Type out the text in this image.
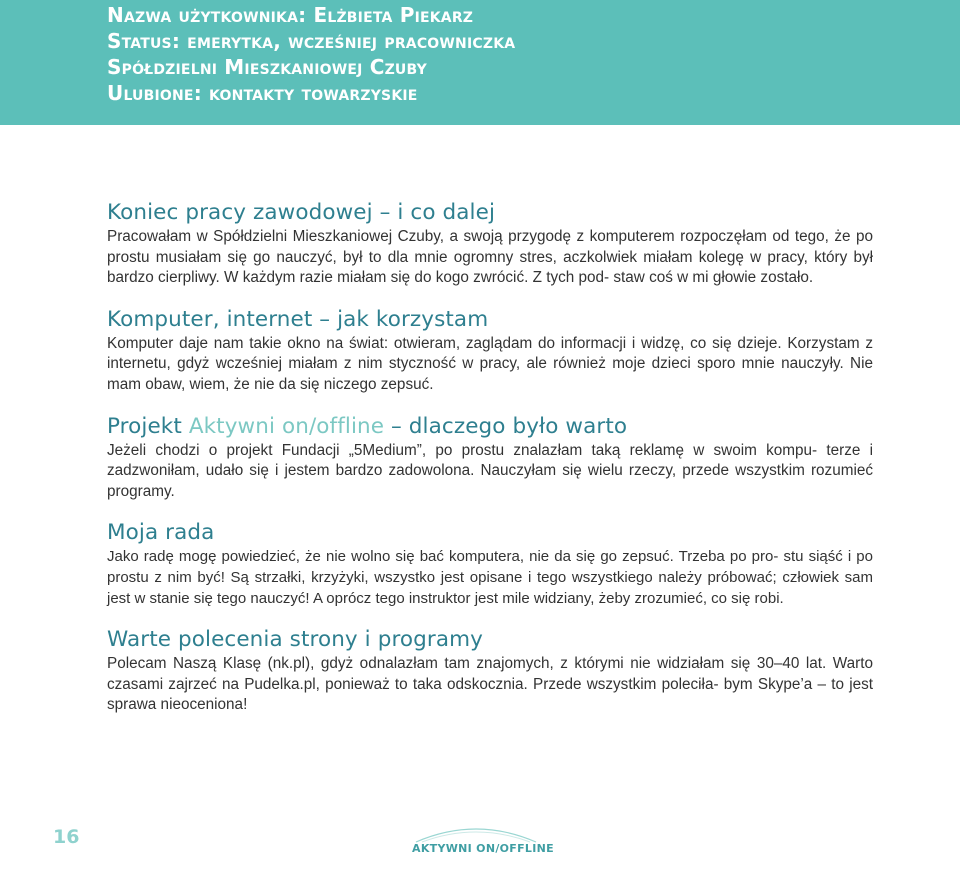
Nazwa użytkownika: Elżbieta Piekarz

Status: emerytka, wcześniej pracowniczka

Spółdzielni Mieszkaniowej Czuby

Ulubione: kontakty towarzyskie

Koniec pracy zawodowej – i co dalej

Pracowałam w Spółdzielni Mieszkaniowej Czuby, a swoją przygodę z komputerem rozpoczęłam od tego, że po prostu musiałam się go nauczyć, był to dla mnie ogromny stres, aczkolwiek miałam kolegę w pracy, który był bardzo cierpliwy. W każdym razie miałam się do kogo zwrócić. Z tych pod- staw coś w mi głowie zostało.

Komputer, internet – jak korzystam

Komputer daje nam takie okno na świat: otwieram, zaglądam do informacji i widzę, co się dzieje. Korzystam z internetu, gdyż wcześniej miałam z nim styczność w pracy, ale również moje dzieci sporo mnie nauczyły. Nie mam obaw, wiem, że nie da się niczego zepsuć.

Projekt Aktywni on/offline – dlaczego było warto

Jeżeli chodzi o projekt Fundacji „5Medium”, po prostu znalazłam taką reklamę w swoim kompu- terze i zadzwoniłam, udało się i jestem bardzo zadowolona. Nauczyłam się wielu rzeczy, przede wszystkim rozumieć programy.

Moja rada

Jako radę mogę powiedzieć, że nie wolno się bać komputera, nie da się go zepsuć. Trzeba po pro- stu siąść i po prostu z nim być! Są strzałki, krzyżyki, wszystko jest opisane i tego wszystkiego należy próbować; człowiek sam jest w stanie się tego nauczyć! A oprócz tego instruktor jest mile widziany, żeby zrozumieć, co się robi.

Warte polecenia strony i programy

Polecam Naszą Klasę (nk.pl), gdyż odnalazłam tam znajomych, z którymi nie widziałam się 30–40 lat. Warto czasami zajrzeć na Pudelka.pl, ponieważ to taka odskocznia. Przede wszystkim poleciła- bym Skype’a – to jest sprawa nieoceniona!

16

AKTYWNI ON/OFFLINE
